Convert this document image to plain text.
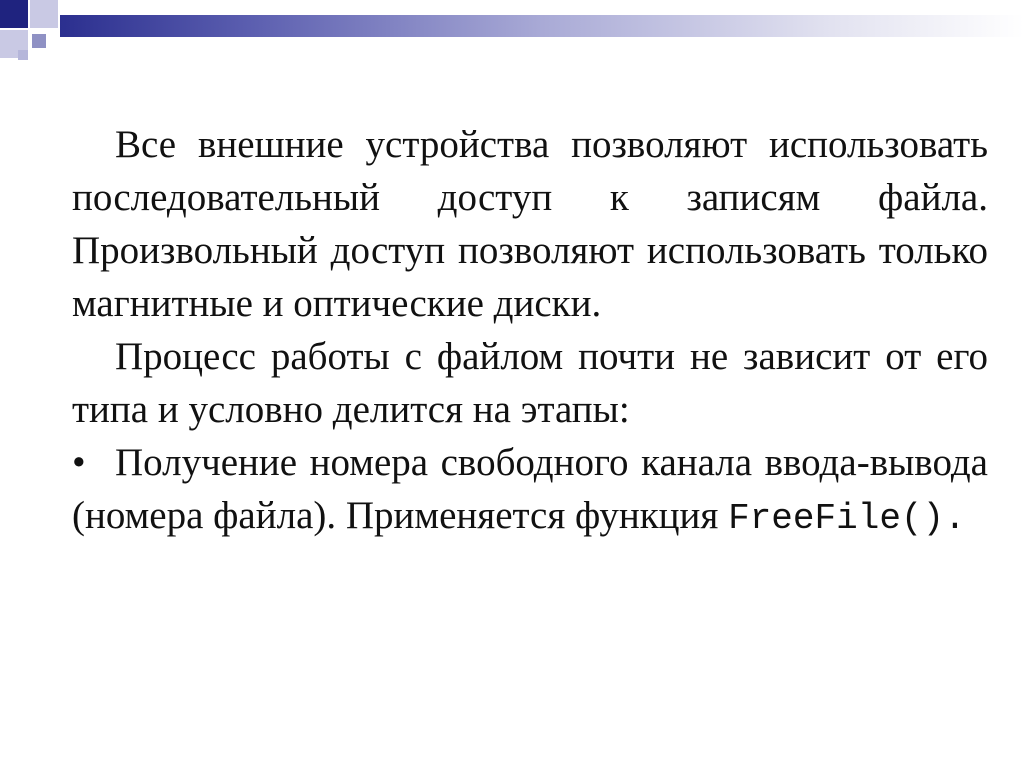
Все внешние устройства позволяют использовать последовательный доступ к записям файла. Произвольный доступ позволяют использовать только магнитные и оптические диски.

Процесс работы с файлом почти не зависит от его типа и условно делится на этапы:

• Получение номера свободного канала ввода-вывода (номера файла). Применяется функция FreeFile().
